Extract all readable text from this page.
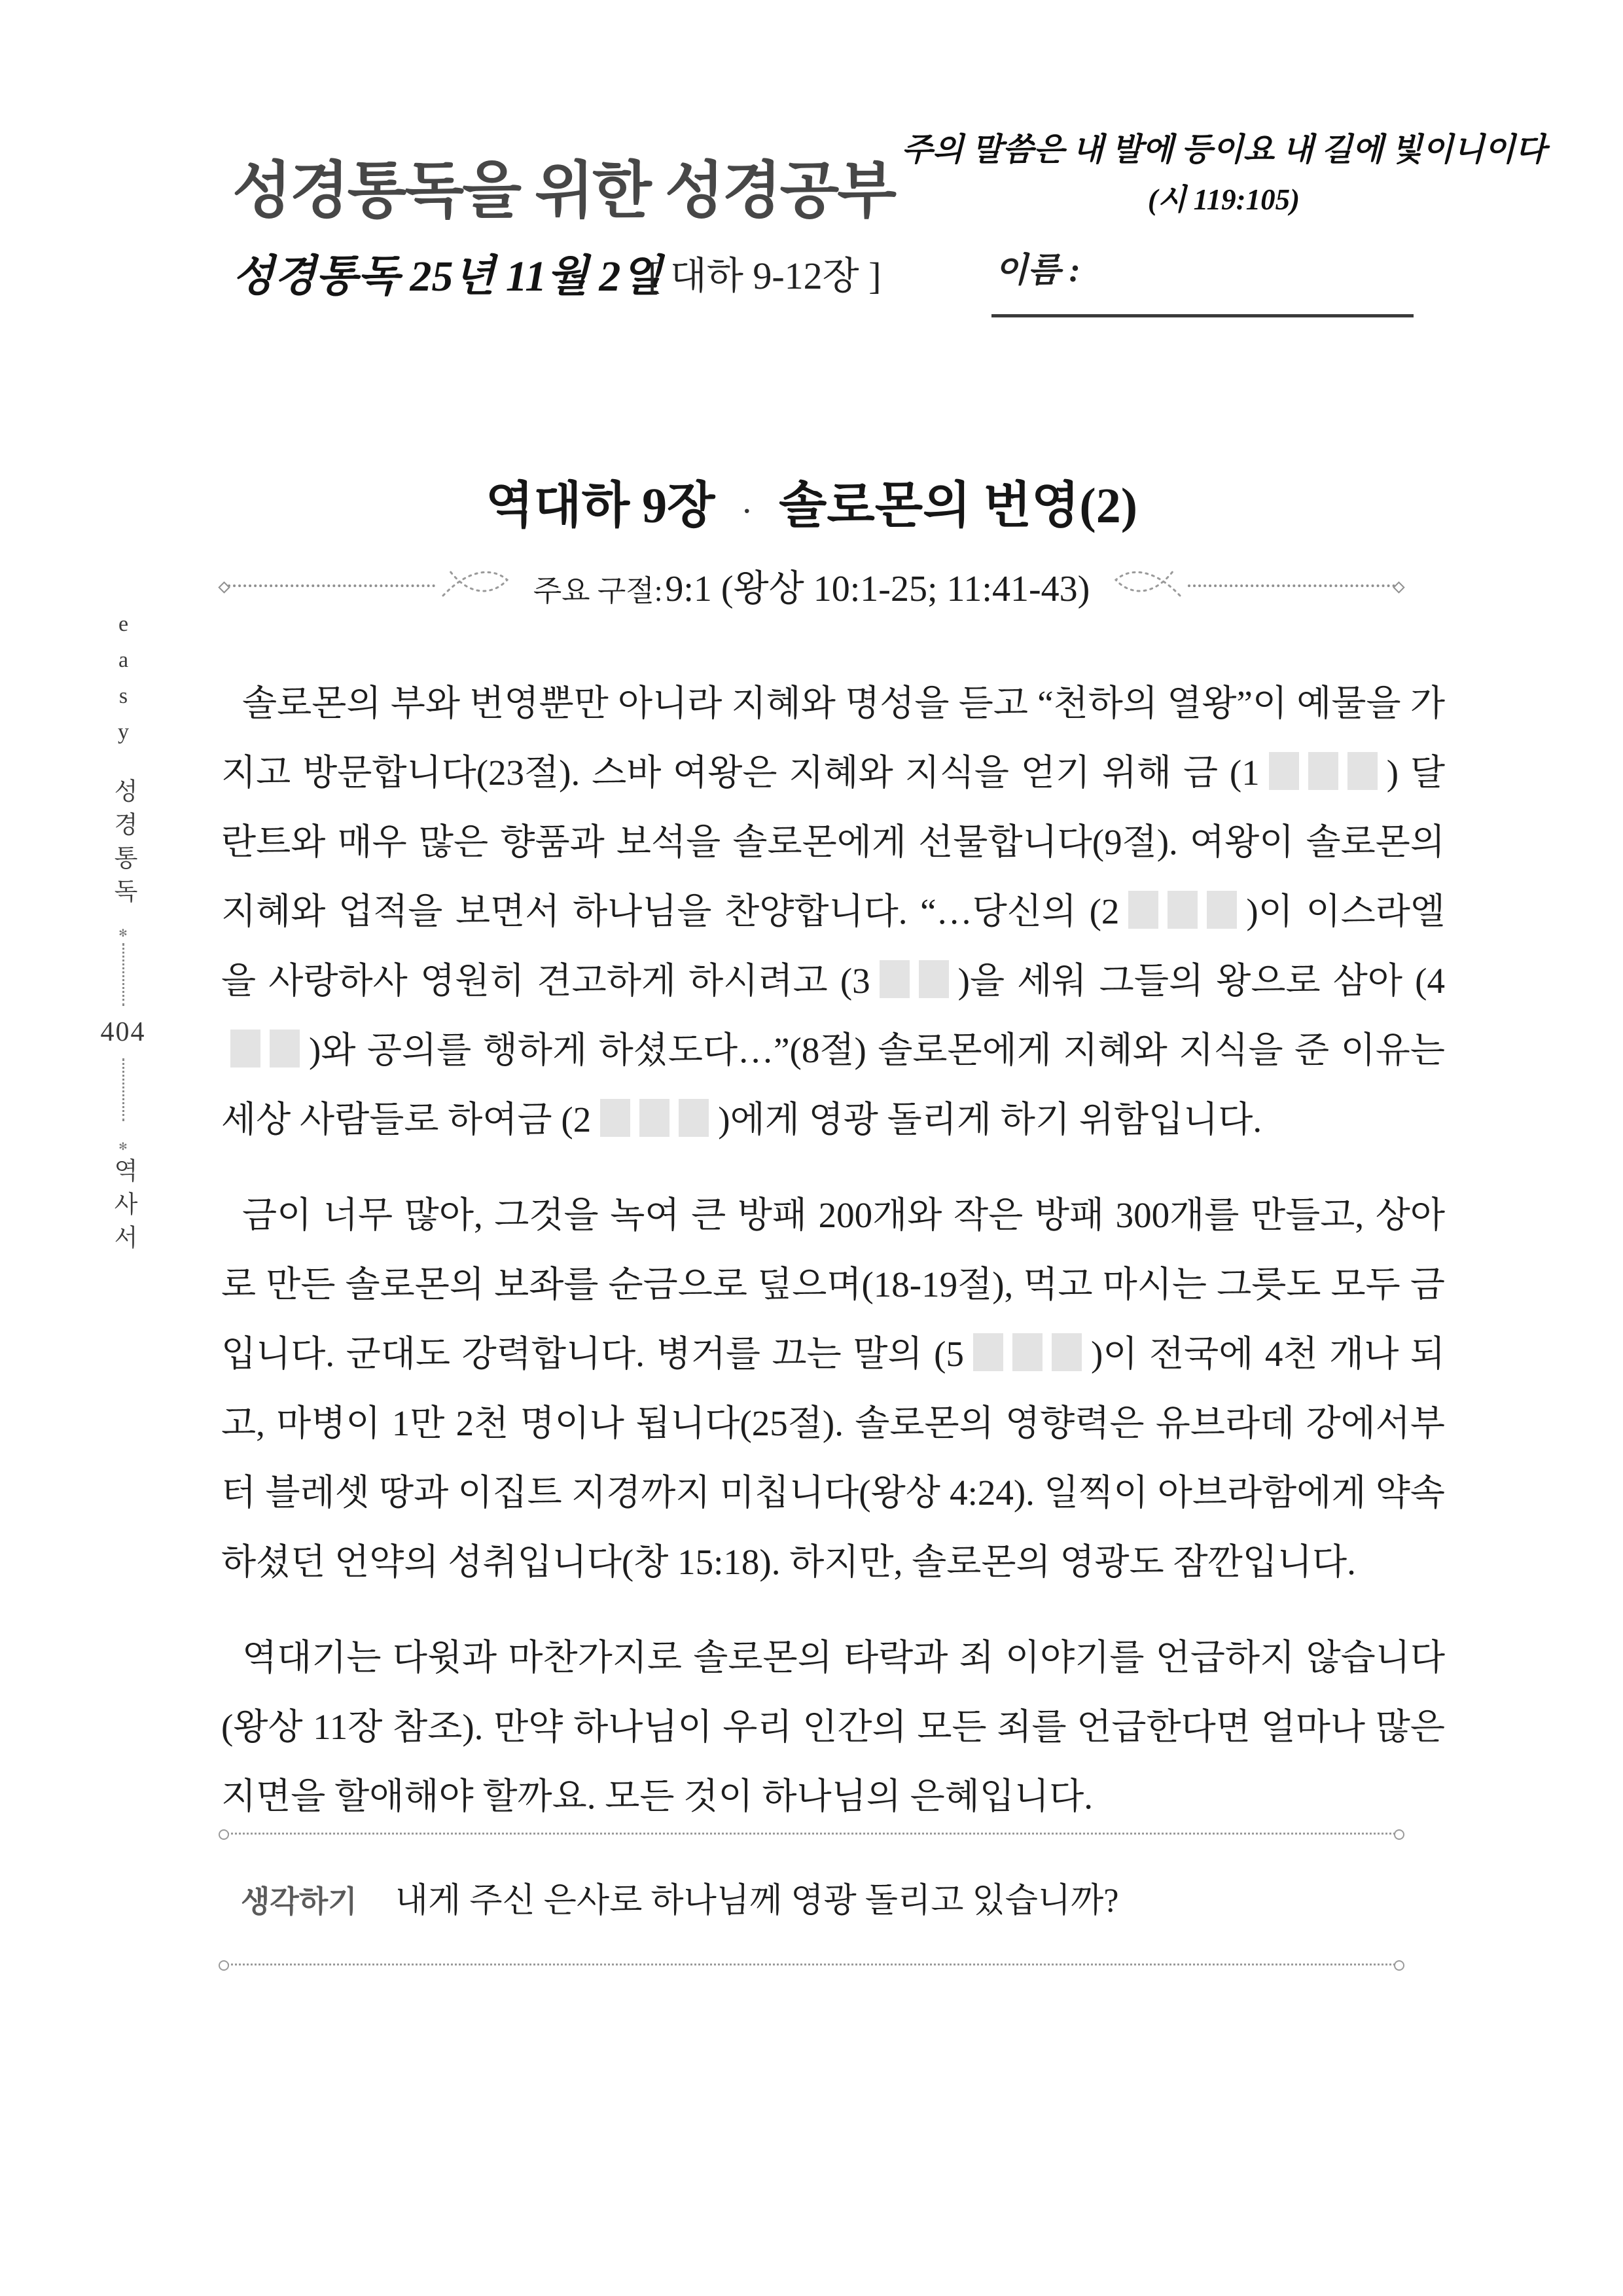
성경통독을 위한 성경공부
주의 말씀은 내 발에 등이요 내 길에 빛이니이다
(시 119:105)
성경통독 25년 11월 2일
[ 대하 9-12장 ]	이름 :
easy
성경통독
✻
404
✻
역사서
역대하 9장 · 솔로몬의 번영(2)
주요 구절: 9:1 (왕상 10:1-25; 11:41-43)

솔로몬의 부와 번영뿐만 아니라 지혜와 명성을 듣고 “천하의 열왕”이 예물을 가지고 방문합니다(23절). 스바 여왕은 지혜와 지식을 얻기 위해 금 (1	) 달란트와 매우 많은 향품과 보석을 솔로몬에게 선물합니다(9절). 여왕이 솔로몬의 지혜와 업적을 보면서 하나님을 찬양합니다. “…당신의 (2	)이 이스라엘을 사랑하사 영원히 견고하게 하시려고 (3 )을 세워 그들의 왕으로 삼아 (4
)와 공의를 행하게 하셨도다…”(8절) 솔로몬에게 지혜와 지식을 준 이유는 세상 사람들로 하여금 (2	)에게 영광 돌리게 하기 위함입니다.

금이 너무 많아, 그것을 녹여 큰 방패 200개와 작은 방패 300개를 만들고, 상아로 만든 솔로몬의 보좌를 순금으로 덮으며(18-19절), 먹고 마시는 그릇도 모두 금입니다. 군대도 강력합니다. 병거를 끄는 말의 (5	)이 전국에 4천 개나 되고, 마병이 1만 2천 명이나 됩니다(25절). 솔로몬의 영향력은 유브라데 강에서부터 블레셋 땅과 이집트 지경까지 미칩니다(왕상 4:24). 일찍이 아브라함에게 약속하셨던 언약의 성취입니다(창 15:18). 하지만, 솔로몬의 영광도 잠깐입니다.

역대기는 다윗과 마찬가지로 솔로몬의 타락과 죄 이야기를 언급하지 않습니다(왕상 11장 참조). 만약 하나님이 우리 인간의 모든 죄를 언급한다면 얼마나 많은 지면을 할애해야 할까요. 모든 것이 하나님의 은혜입니다.

생각하기 내게 주신 은사로 하나님께 영광 돌리고 있습니까?
